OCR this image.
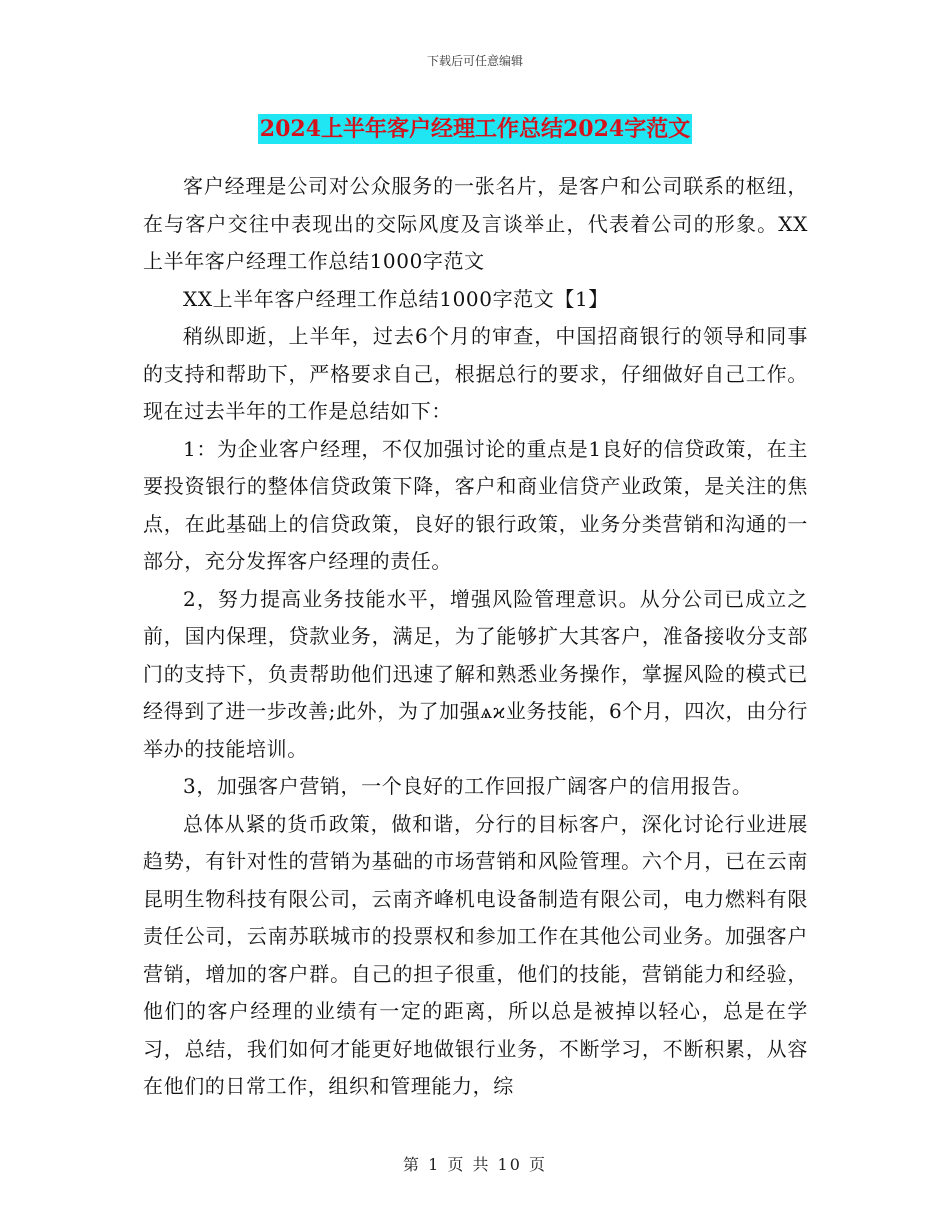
下载后可任意编辑
2024上半年客户经理工作总结2024字范文

客户经理是公司对公众服务的一张名片，是客户和公司联系的枢纽，在与客户交往中表现出的交际风度及言谈举止，代表着公司的形象。XX上半年客户经理工作总结1000字范文

XX上半年客户经理工作总结1000字范文【1】

稍纵即逝，上半年，过去6个月的审查，中国招商银行的领导和同事的支持和帮助下，严格要求自己，根据总行的要求，仔细做好自己工作。现在过去半年的工作是总结如下：

1：为企业客户经理，不仅加强讨论的重点是1良好的信贷政策，在主要投资银行的整体信贷政策下降，客户和商业信贷产业政策，是关注的焦点，在此基础上的信贷政策，良好的银行政策，业务分类营销和沟通的一部分，充分发挥客户经理的责任。

2，努力提高业务技能水平，增强风险管理意识。从分公司已成立之前，国内保理，贷款业务，满足，为了能够扩大其客户，准备接收分支部门的支持下，负责帮助他们迅速了解和熟悉业务操作，掌握风险的模式已经得到了进一步改善;此外，为了加强ѧϰ业务技能，6个月，四次，由分行举办的技能培训。

3，加强客户营销，一个良好的工作回报广阔客户的信用报告。

总体从紧的货币政策，做和谐，分行的目标客户，深化讨论行业进展趋势，有针对性的营销为基础的市场营销和风险管理。六个月，已在云南昆明生物科技有限公司，云南齐峰机电设备制造有限公司，电力燃料有限责任公司，云南苏联城市的投票权和参加工作在其他公司业务。加强客户营销，增加的客户群。自己的担子很重，他们的技能，营销能力和经验，他们的客户经理的业绩有一定的距离，所以总是被掉以轻心，总是在学习，总结，我们如何才能更好地做银行业务，不断学习，不断积累，从容在他们的日常工作，组织和管理能力，综

第 1 页 共 10 页
